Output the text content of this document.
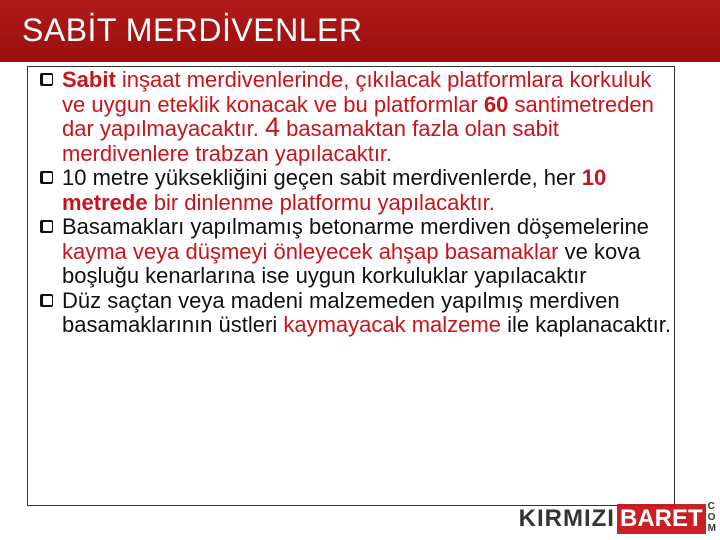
SABİT MERDİVENLER

Sabit inşaat merdivenlerinde, çıkılacak platformlara korkuluk ve uygun eteklik konacak ve bu platformlar 60 santimetreden dar yapılmayacaktır. 4 basamaktan fazla olan sabit merdivenlere trabzan yapılacaktır.

10 metre yüksekliğini geçen sabit merdivenlerde, her 10 metrede bir dinlenme platformu yapılacaktır.

Basamakları yapılmamış betonarme merdiven döşemelerine kayma veya düşmeyi önleyecek ahşap basamaklar ve kova boşluğu kenarlarına ise uygun korkuluklar yapılacaktır

Düz saçtan veya madeni malzemeden yapılmış merdiven basamaklarının üstleri kaymayacak malzeme ile kaplanacaktır.

KIRMIZI BARET C
O
M
